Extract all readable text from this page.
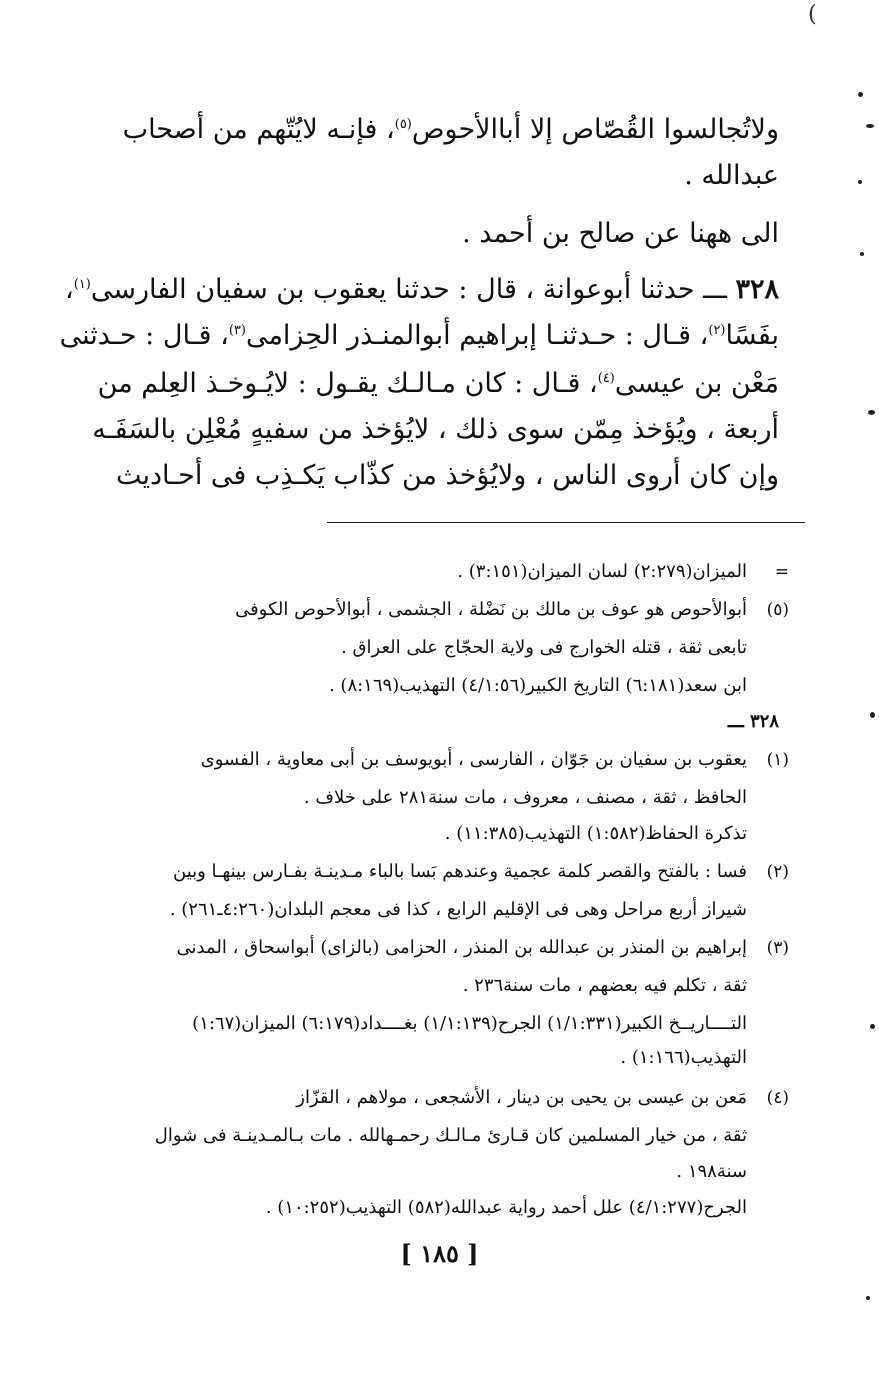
(
ولاتُجالسوا القُصّاص إلا أباالأحوص$^{(٥)}$، فإنـه لايُتّهم من أصحاب
عبدالله .
الى ههنا عن صالح بن أحمد .
٣٢٨ ـــ حدثنا أبوعوانة ، قال : حدثنا يعقوب بن سفيان الفارسى$^{(١)}$،
بفَسًا$^{(٢)}$، قـال : حـدثنـا إبراهيم أبوالمنـذر الحِزامى$^{(٣)}$، قـال : حـدثنى
مَعْن بن عيسى$^{(٤)}$، قـال : كان مـالـك يقـول : لايُـوخـذ العِلم من
أربعة ، ويُؤخذ مِمّن سوى ذلك ، لايُؤخذ من سفيهٍ مُعْلِن بالسَفَـه
وإن كان أروى الناس ، ولايُؤخذ من كذّاب يَكـذِب فى أحـاديث
=
الميزان(٢:٢٧٩) لسان الميزان(٣:١٥١) .
(٥)
أبوالأحوص هو عوف بن مالك بن نَضْلة ، الجشمى ، أبوالأحوص الكوفى
تابعى ثقة ، قتله الخوارج فى ولاية الحجّاج على العراق .
ابن سعد(٦:١٨١) التاريخ الكبير(٤/١:٥٦) التهذيب(٨:١٦٩) .
٣٢٨ ـــ
(١)
يعقوب بن سفيان بن جَوّان ، الفارسى ، أبويوسف بن أبى معاوية ، الفسوى
الحافظ ، ثقة ، مصنف ، معروف ، مات سنة٢٨١ على خلاف .
تذكرة الحفاظ(١:٥٨٢) التهذيب(١١:٣٨٥) .
(٢)
فسا : بالفتح والقصر كلمة عجمية وعندهم بَسا بالباء مـدينـة بفـارس بينهـا وبين
شيراز أربع مراحل وهى فى الإقليم الرابع ، كذا فى معجم البلدان(٤:٢٦٠ـ٢٦١) .
(٣)
إبراهيم بن المنذر بن عبدالله بن المنذر ، الحزامى (بالزاى) أبواسحاق ، المدنى
ثقة ، تكلم فيه بعضهم ، مات سنة٢٣٦ .
التــــاريــخ الكبير(١/١:٣٣١) الجرح(١/١:١٣٩) بغــــداد(٦:١٧٩) الميزان(١:٦٧)
التهذيب(١:١٦٦) .
(٤)
مَعن بن عيسى بن يحيى بن دينار ، الأشجعى ، مولاهم ، القزّاز
ثقة ، من خيار المسلمين كان قـارئ مـالـك رحمـهالله . مات بـالمـدينـة فى شوال
سنة١٩٨ .
الجرح(٤/١:٢٧٧) علل أحمد رواية عبدالله(٥٨٢) التهذيب(١٠:٢٥٢) .
[ ١٨٥ ]
